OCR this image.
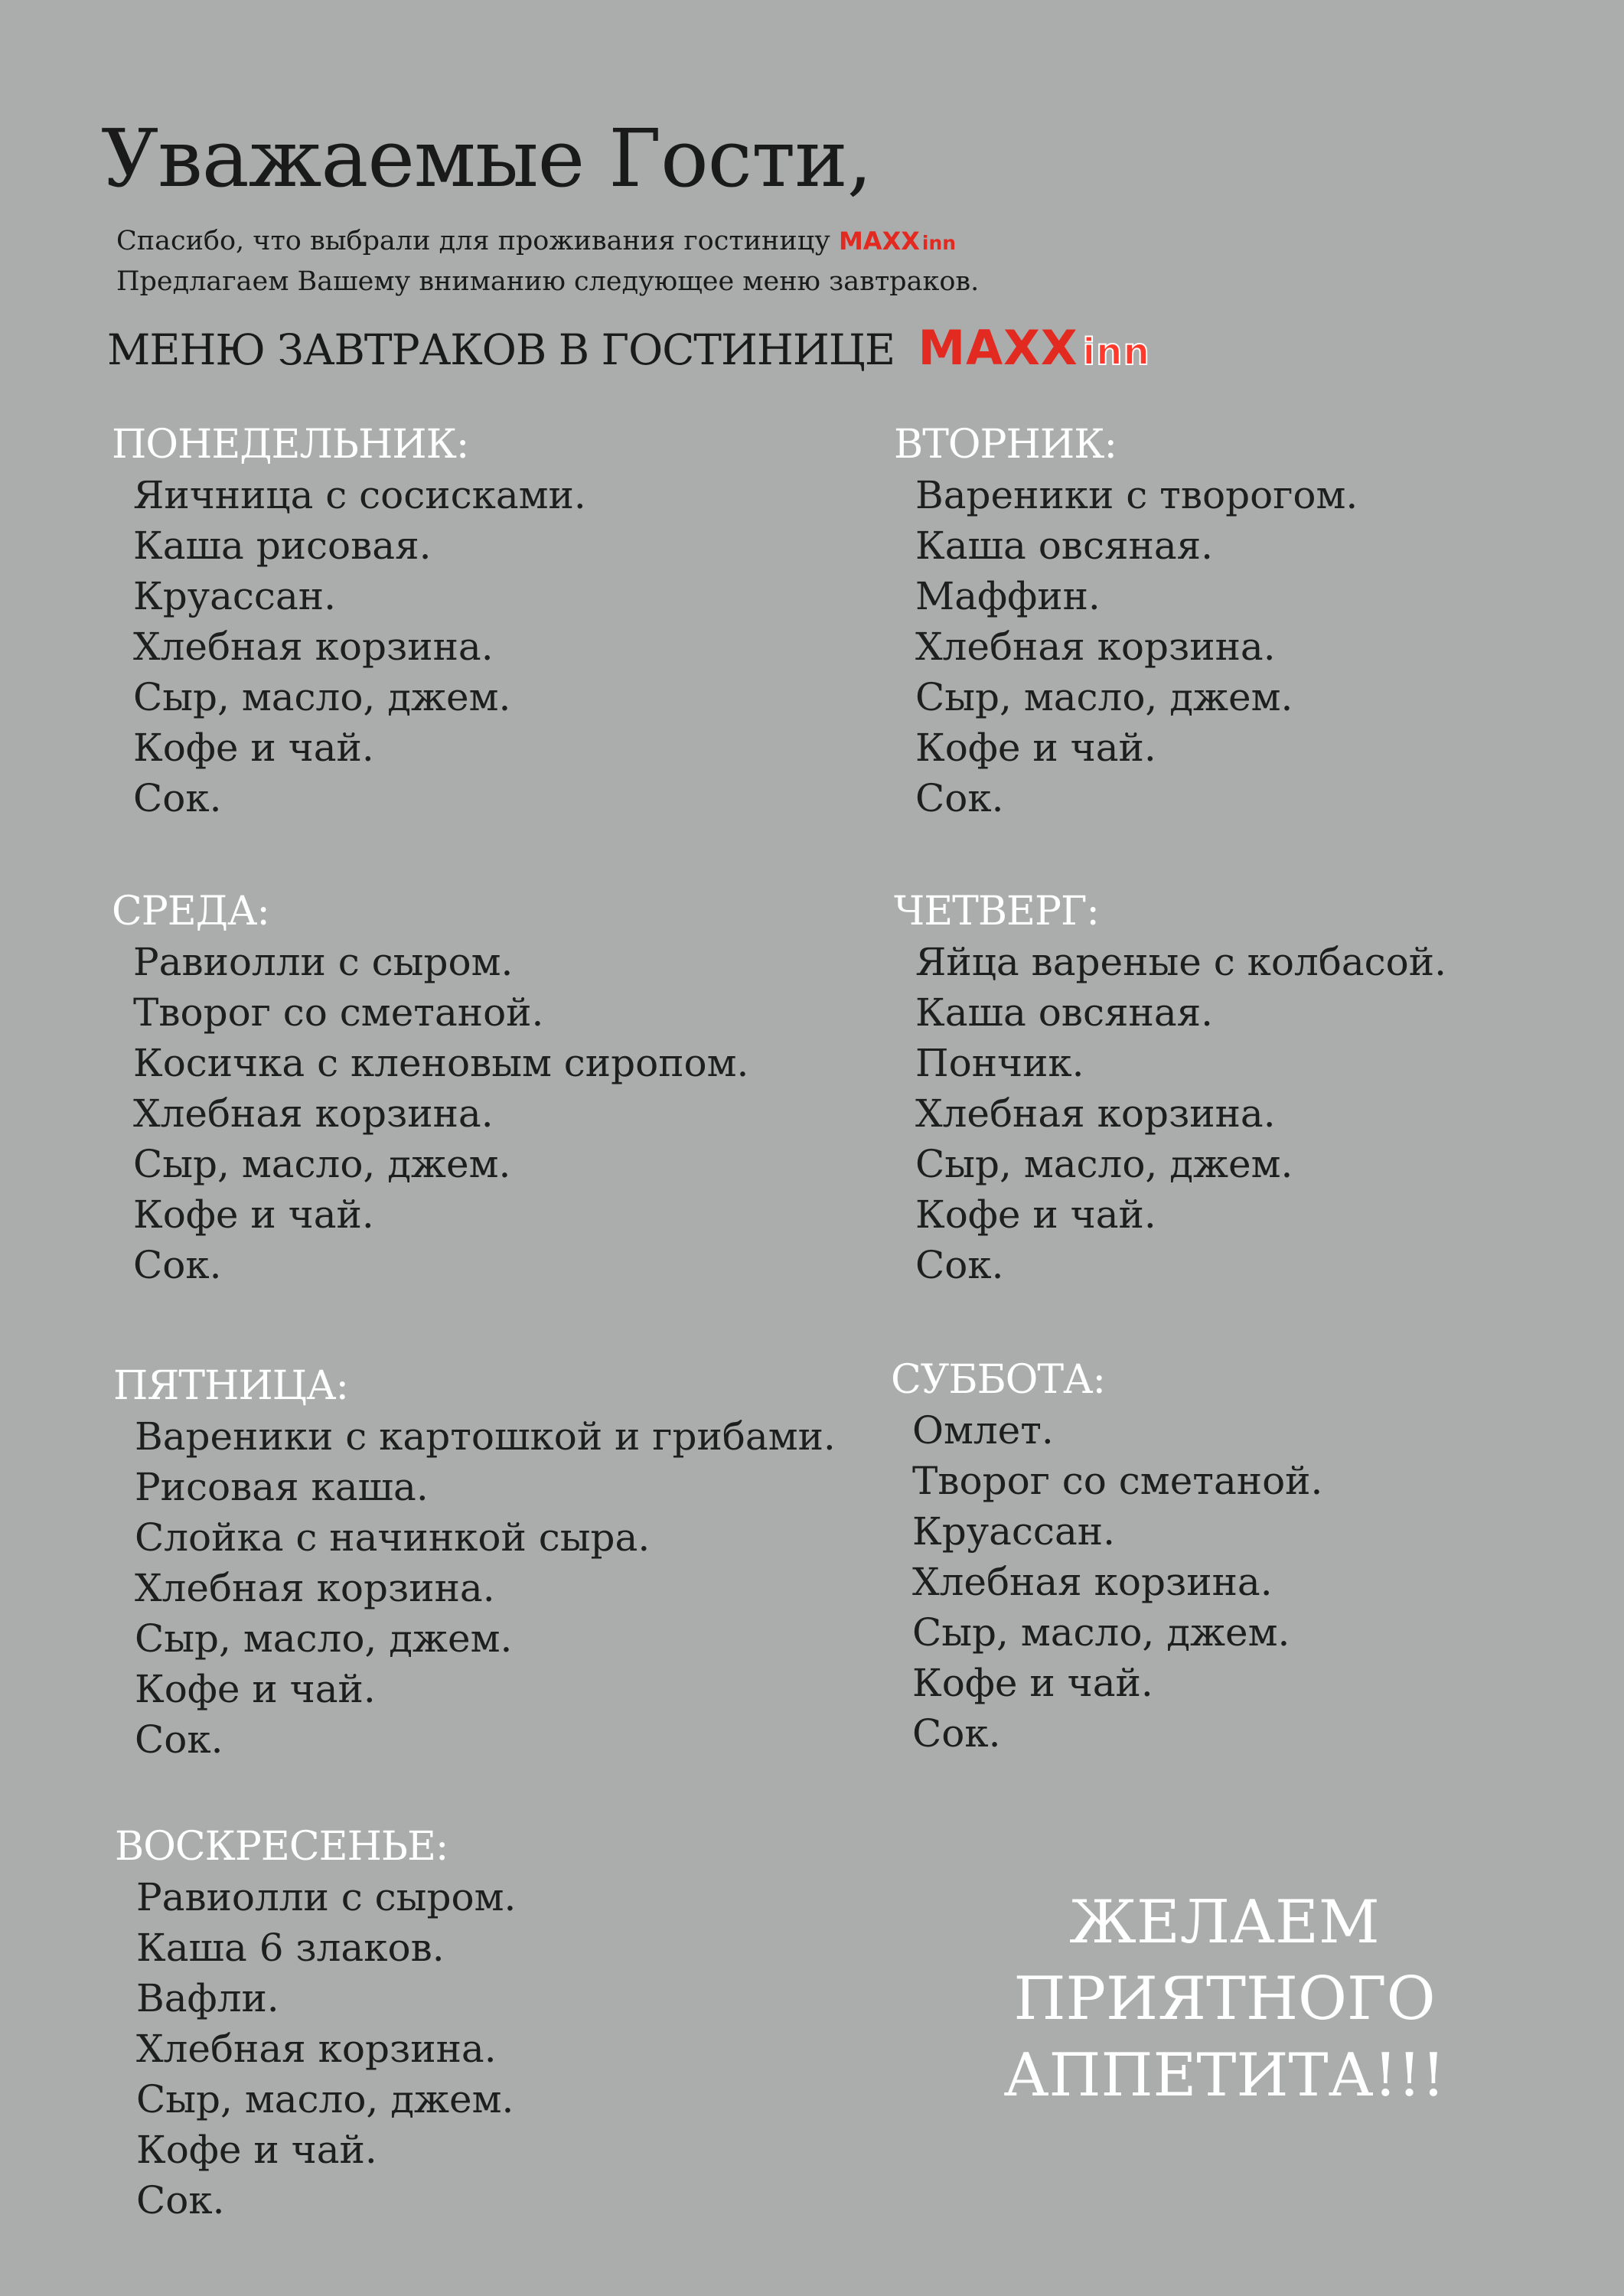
Уважаемые Гости,
Спасибо, что выбрали для проживания гостиницу MAXX inn
Предлагаем Вашему вниманию следующее меню завтраков.
МЕНЮ ЗАВТРАКОВ В ГОСТИНИЦЕ MAXX inn
ПОНЕДЕЛЬНИК:
Яичница с сосисками.
Каша рисовая.
Круассан.
Хлебная корзина.
Сыр, масло, джем.
Кофе и чай.
Сок.
ВТОРНИК:
Вареники с творогом.
Каша овсяная.
Маффин.
Хлебная корзина.
Сыр, масло, джем.
Кофе и чай.
Сок.
СРЕДА:
Равиолли с сыром.
Творог со сметаной.
Косичка с кленовым сиропом.
Хлебная корзина.
Сыр, масло, джем.
Кофе и чай.
Сок.
ЧЕТВЕРГ:
Яйца вареные с колбасой.
Каша овсяная.
Пончик.
Хлебная корзина.
Сыр, масло, джем.
Кофе и чай.
Сок.
ПЯТНИЦА:
Вареники с картошкой и грибами.
Рисовая каша.
Слойка с начинкой сыра.
Хлебная корзина.
Сыр, масло, джем.
Кофе и чай.
Сок.
СУББОТА:
Омлет.
Творог со сметаной.
Круассан.
Хлебная корзина.
Сыр, масло, джем.
Кофе и чай.
Сок.
ВОСКРЕСЕНЬЕ:
Равиолли с сыром.
Каша 6 злаков.
Вафли.
Хлебная корзина.
Сыр, масло, джем.
Кофе и чай.
Сок.
ЖЕЛАЕМ
ПРИЯТНОГО
АППЕТИТА!!!
